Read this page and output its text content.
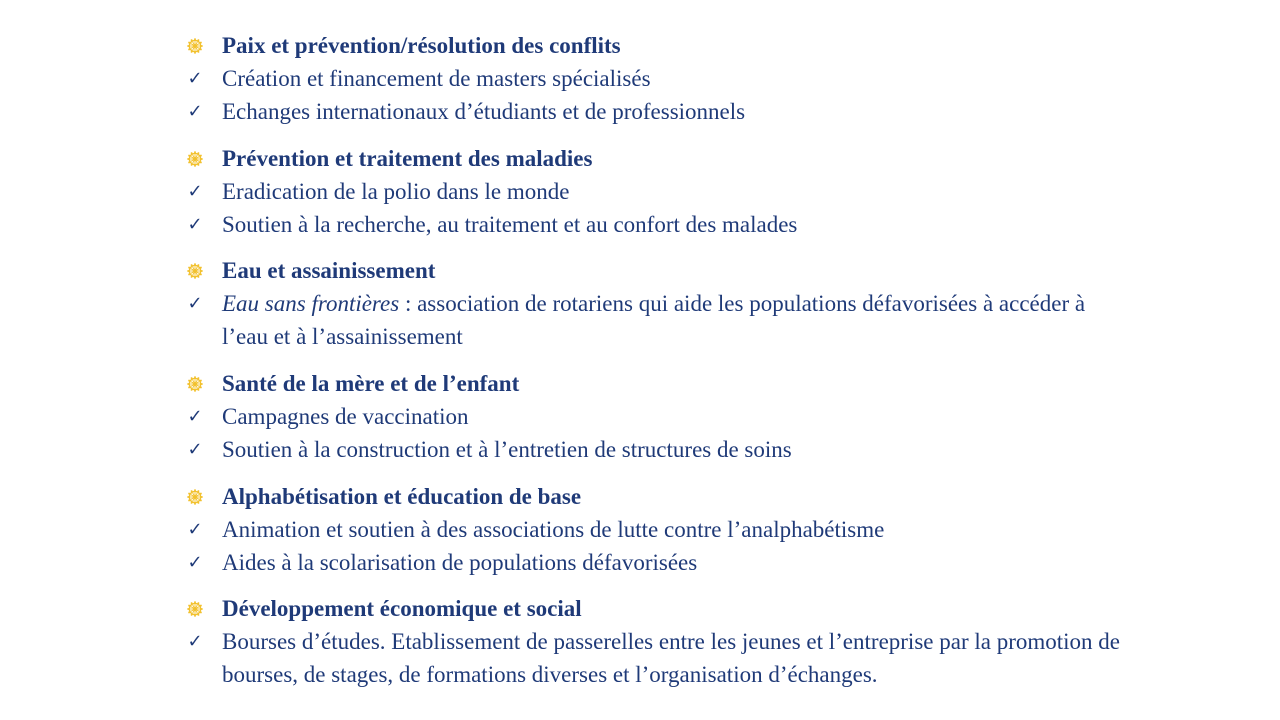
Paix et prévention/résolution des conflits
✓ Création et financement de masters spécialisés
✓ Echanges internationaux d’étudiants et de professionnels
Prévention et traitement des maladies
✓ Eradication de la polio dans le monde
✓ Soutien à la recherche, au traitement et au confort des malades
Eau et assainissement
✓ Eau sans frontières : association de rotariens qui aide les populations défavorisées à accéder à l’eau et à l’assainissement
Santé de la mère et de l’enfant
✓ Campagnes de vaccination
✓ Soutien à la construction et à l’entretien de structures de soins
Alphabétisation et éducation de base
✓ Animation et soutien à des associations de lutte contre l’analphabétisme
✓ Aides à la scolarisation de populations défavorisées
Développement économique et social
✓ Bourses d’études. Etablissement de passerelles entre les jeunes et l’entreprise par la promotion de bourses, de stages, de formations diverses et l’organisation d’échanges.
